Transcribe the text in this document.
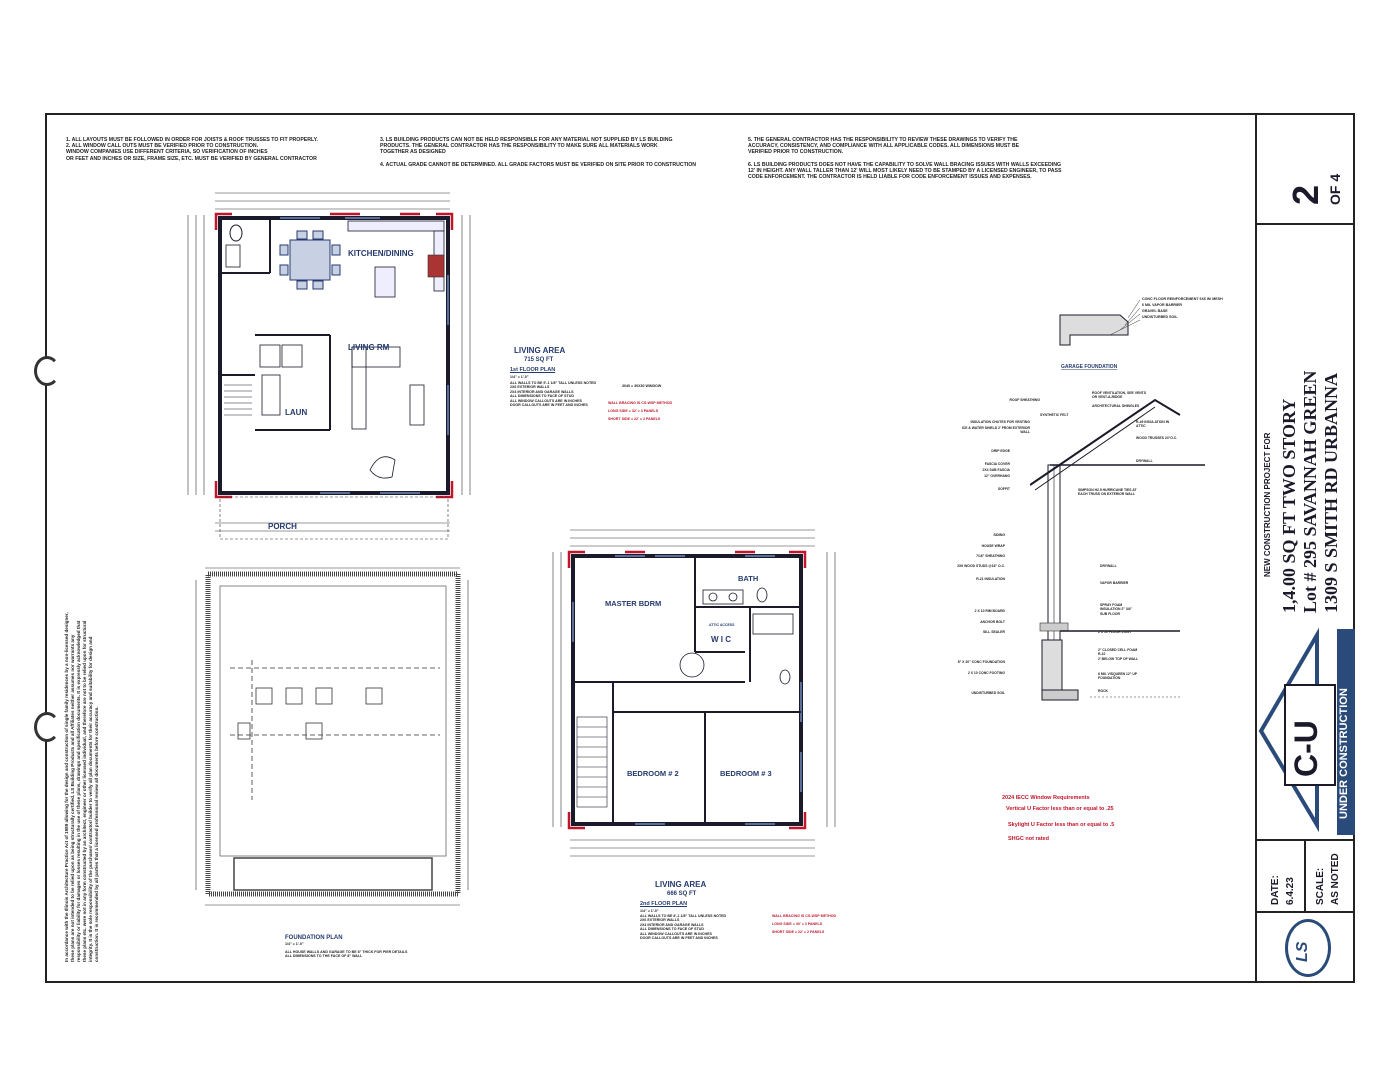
1. ALL LAYOUTS MUST BE FOLLOWED IN ORDER FOR JOISTS & ROOF TRUSSES TO FIT PROPERLY.
2. ALL WINDOW CALL OUTS MUST BE VERIFIED PRIOR TO CONSTRUCTION.
WINDOW COMPANIES USE DIFFERENT CRITERIA, SO VERIFICATION OF INCHES
OR FEET AND INCHES OR SIZE, FRAME SIZE, ETC. MUST BE VERIFIED BY GENERAL CONTRACTOR
3. LS BUILDING PRODUCTS CAN NOT BE HELD RESPONSIBLE FOR ANY MATERIAL NOT SUPPLIED BY LS BUILDING
PRODUCTS. THE GENERAL CONTRACTOR HAS THE RESPONSIBILITY TO MAKE SURE ALL MATERIALS WORK
TOGETHER AS DESIGNED

4. ACTUAL GRADE CANNOT BE DETERMINED. ALL GRADE FACTORS MUST BE VERIFIED ON SITE PRIOR TO CONSTRUCTION
5. THE GENERAL CONTRACTOR HAS THE RESPONSIBILITY TO REVIEW THESE DRAWINGS TO VERIFY THE
ACCURACY, CONSISTENCY, AND COMPLIANCE WITH ALL APPLICABLE CODES. ALL DIMENSIONS MUST BE
VERIFIED PRIOR TO CONSTRUCTION.

6. LS BUILDING PRODUCTS DOES NOT HAVE THE CAPABILITY TO SOLVE WALL BRACING ISSUES WITH WALLS EXCEEDING
12' IN HEIGHT. ANY WALL TALLER THAN 12' WILL MOST LIKELY NEED TO BE STAMPED BY A LICENSED ENGINEER, TO PASS
CODE ENFORCEMENT. THE CONTRACTOR IS HELD LIABLE FOR CODE ENFORCEMENT ISSUES AND EXPENSES.
KITCHEN/DINING
LIVING RM
LAUN
PORCH
LIVING AREA
715 SQ FT
1st FLOOR PLAN
1/4" = 1'-0"
ALL WALLS TO BE 9'-1 1/8" TALL UNLESS NOTED
2X6 EXTERIOR WALLS
2X4 INTERIOR AND GARAGE WALLS
ALL DIMENSIONS TO FACE OF STUD
ALL WINDOW CALLOUTS ARE IN INCHES
DOOR CALLOUTS ARE IN FEET AND INCHES
3040 = 30X30 WINDOW
WALL BRACING IS CS-WSP METHOD
LONG SIDE = 32' = 3 PANELS
SHORT SIDE = 22' = 2 PANELS
FOUNDATION PLAN
1/4" = 1'-0"
ALL HOUSE WALLS AND GARAGE TO BE 8" THICK FOR PIER DETAILS
ALL DIMENSIONS TO THE FACE OF 8" WALL
MASTER BDRM
BATH
W I C
ATTIC ACCESS
BEDROOM # 2	BEDROOM # 3
LIVING AREA
666 SQ FT
2nd FLOOR PLAN
1/4" = 1'-0"
ALL WALLS TO BE 8'-1 1/8" TALL UNLESS NOTED
2X6 EXTERIOR WALLS
2X4 INTERIOR AND GARAGE WALLS
ALL DIMENSIONS TO FACE OF STUD
ALL WINDOW CALLOUTS ARE IN INCHES
DOOR CALLOUTS ARE IN FEET AND INCHES
WALL BRACING IS CS-WSP METHOD
LONG SIDE = 30' = 3 PANELS
SHORT SIDE = 22' = 2 PANELS
GARAGE FOUNDATION
CONC FLOOR REINFORCEMENT 6X6 W/ MESH
6 MIL VAPOR BARRIER
GRAVEL BASE
UNDISTURBED SOIL
ROOF SHEATHING
INSULATION CHUTES FOR VENTING
ICE & WATER SHIELD 2' FROM EXTERIOR WALL
DRIP EDGE
FASCIA COVER
2X4 SUB FASCIA
12" OVERHANG
SOFFIT
SIDING
HOUSE WRAP
7/16" SHEATHING
2X6 WOOD STUDS @16" O.C.
R-21 INSULATION
2 X 10 RIM BOARD
ANCHOR BOLT
SILL SEALER
8" X 20" CONC FOUNDATION
2 X 10 CONC FOOTING
UNDISTURBED SOIL
ROOF VENTILATION, SEE VENTS OR VENT-A-RIDGE
ARCHITECTURAL SHINGLES
SYNTHETIC FELT
R-49 INSULATION IN ATTIC
WOOD TRUSSES 24"O.C.
DRYWALL
SIMPSON H2.5 HURRICANE TIES AT EACH TRUSS ON EXTERIOR WALL
DRYWALL
VAPOR BARRIER
SPRAY FOAM INSULATION 2" 3/4" SUB FLOOR
2 X 10 FLOOR JOIST
2" CLOSED CELL FOAM R-10
2' BELOW TOP OF WALL
6 MIL VISQUEEN 12" UP FOUNDATION
ROCK
2024 IECC Window Requirements
Vertical U Factor less than or equal to .25
Skylight U Factor less than or equal to .5
SHGC not rated
In accordance with the Illinois Architecture Practice Act of 1989 allowing for the design and construction of single family residences by a non-licensed designer, these plans are not intended to be relied upon as being structurally certified. LS Building Products and all Affiliates neither assumes nor warrants any responsibility or liability for damages or losses resulting in the use of these plans, drawings and specification documents. It is expressly acknowledged that these plans etc. were not in any form constructed by an architect, engineer or other licensed individual, and therefore are not to be relied upon for structural integrity. It is the sole responsibility of the purchaser/ contractor/ builder to verify all plan documents for their accuracy and suitability for design and construction. It is recommended by all parties that a licensed professional review all documents before construction.
2 OF 4
NEW CONSTRUCTION PROJECT FOR 1,4.00 SQ FT TWO STORY Lot # 295 SAVANNAH GREEN 1309 S SMITH RD URBANNA
C-U UNDER CONSTRUCTION
DATE: 6.4.23 SCALE: AS NOTED
LS
